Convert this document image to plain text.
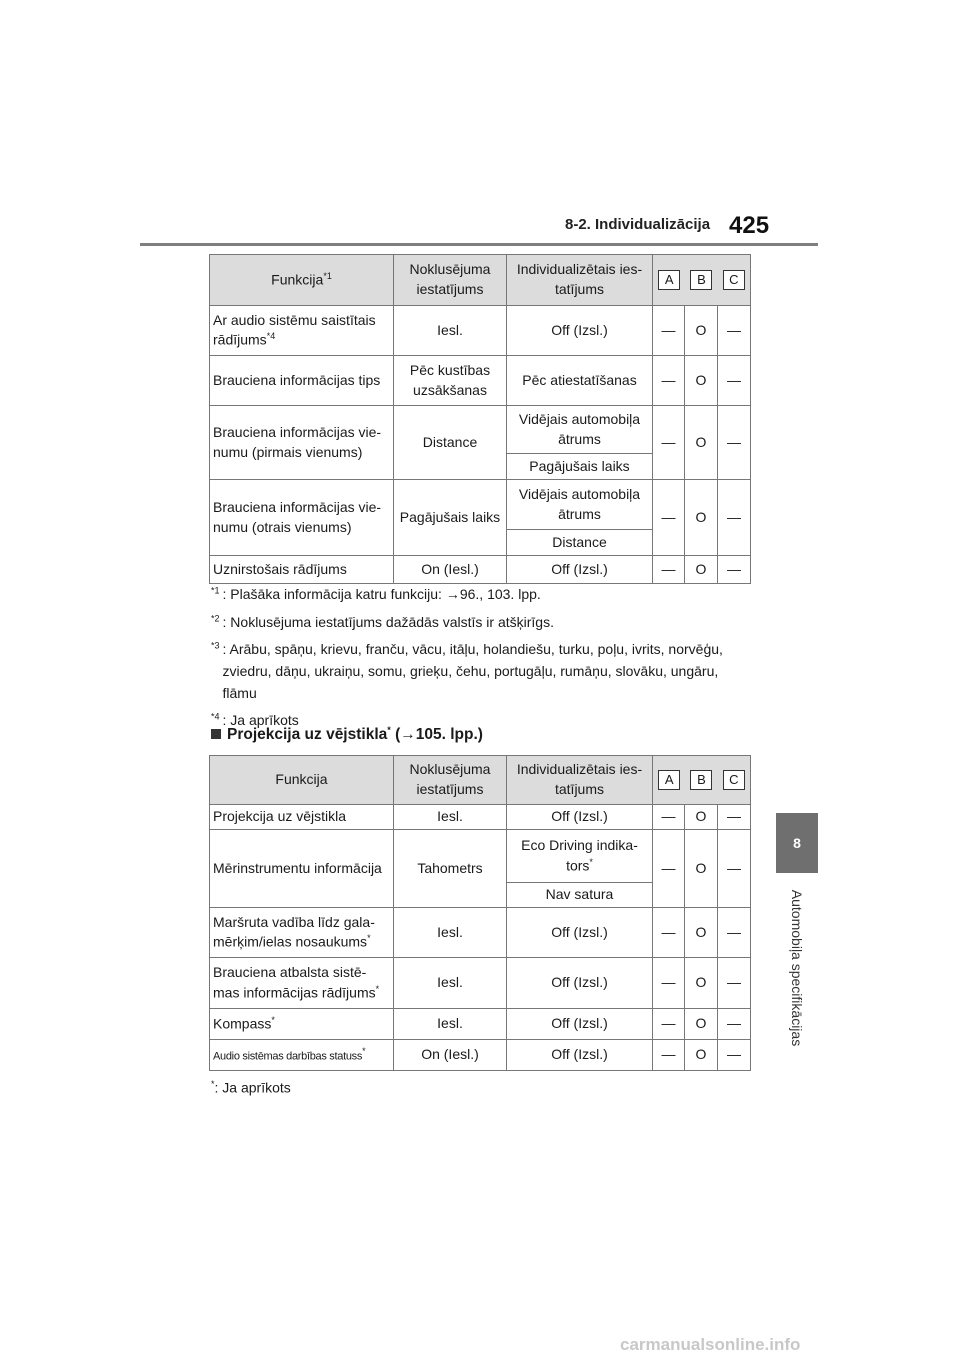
8-2. Individualizācija 425
8
Automobiļa specifikācijas
Funkcija$^{*1}$	Noklusējuma iestatījums	Individualizētais ies- tatījums	A B C		

Ar audio sistēmu saistītais rādījums$^{*4}$	Iesl.	Off (Izsl.)	—	O	—
Brauciena informācijas tips	Pēc kustības uzsākšanas	Pēc atiestatīšanas	—	O	—
Brauciena informācijas vie- numu (pirmais vienums)	Distance	Vidējais automobiļa ātrums	—	O	—
		Pagājušais laiks			
Brauciena informācijas vie- numu (otrais vienums)	Pagājušais laiks	Vidējais automobiļa ātrums	—	O	—
		Distance			
Uznirstošais rādījums	On (Iesl.)	Off (Izsl.)	—	O	—
$^{*1}$ : Plašāka informācija katru funkciju: →96., 103. lpp.
$^{*2}$ : Noklusējuma iestatījums dažādās valstīs ir atšķirīgs.
$^{*3}$ : Arābu, spāņu, krievu, franču, vācu, itāļu, holandiešu, turku, poļu, ivrits, norvēģu, zviedru, dāņu, ukraiņu, somu, grieķu, čehu, portugāļu, rumāņu, slovāku, ungāru, flāmu
$^{*4}$ : Ja aprīkots
Projekcija uz vējstikla* (→105. lpp.)
Funkcija	Noklusējuma iestatījums	Individualizētais ies- tatījums	A B C		

Projekcija uz vējstikla	Iesl.	Off (Izsl.)	—	O	—
Mērinstrumentu informācija	Tahometrs	Eco Driving indika- tors*	—	O	—
		Nav satura			
Maršruta vadība līdz gala- mērķim/ielas nosaukums*	Iesl.	Off (Izsl.)	—	O	—
Brauciena atbalsta sistē- mas informācijas rādījums*	Iesl.	Off (Izsl.)	—	O	—
Kompass*	Iesl.	Off (Izsl.)	—	O	—
Audio sistēmas darbības statuss*	On (Iesl.)	Off (Izsl.)	—	O	—
*: Ja aprīkots
carmanualsonline.info
